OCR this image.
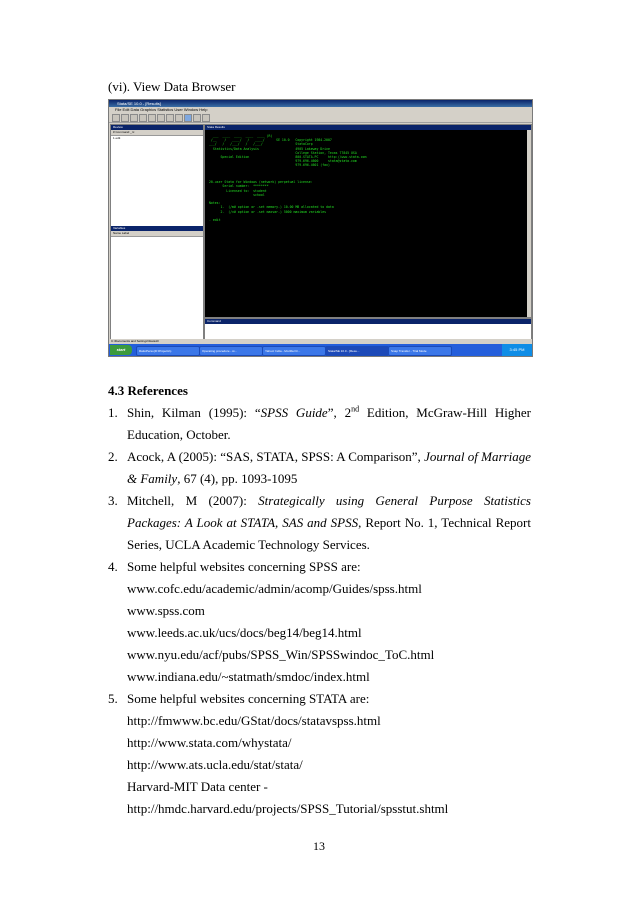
(vi). View Data Browser
Stata/SE 10.0 - [Results]
File Edit Data Graphics Statistics User Window Help
Review
# Command _rc
1 edit
Variables
Name Label
Stata Results
___  ____  ____  ____  ____ (R)
/__    /   ____/   /   ____/      SE 10.0   Copyright 1984-2007
___/   /   /___/   /   /___/                 StataCorp
Statistics/Data Analysis                   4905 Lakeway Drive
College Station, Texas 77845 USA
Special Edition                        800-STATA-PC     http://www.stata.com
979-696-4600     stata@stata.com
979-696-4601 (fax)

20-user Stata for Windows (network) perpetual license:
Serial number:  ********
Licensed to:  student
school

Notes:
1.  (/m# option or -set memory-) 10.00 MB allocated to data
2.  (/v# option or -set maxvar-) 5000 maximum variables

. edit
Command
C:\Documents and Settings\Stata10
start	RatioPerso(D:\Projects\)	Operating procedure - st...	Yahoo! India - Mozilla Fir...	Stata/SE 10.0 - [Resu...	Snap Transfer - Trial Mode	3:45 PM
4.3 References
1. Shin, Kilman (1995): “SPSS Guide”, 2nd Edition, McGraw-Hill Higher Education, October.
2. Acock, A (2005): “SAS, STATA, SPSS: A Comparison”, Journal of Marriage & Family, 67 (4), pp. 1093-1095
3. Mitchell, M (2007): Strategically using General Purpose Statistics Packages: A Look at STATA, SAS and SPSS, Report No. 1, Technical Report Series, UCLA Academic Technology Services.
4. Some helpful websites concerning SPSS are:
www.cofc.edu/academic/admin/acomp/Guides/spss.html
www.spss.com
www.leeds.ac.uk/ucs/docs/beg14/beg14.html
www.nyu.edu/acf/pubs/SPSS_Win/SPSSwindoc_ToC.html
www.indiana.edu/~statmath/smdoc/index.html
5. Some helpful websites concerning STATA are:
http://fmwww.bc.edu/GStat/docs/statavspss.html
http://www.stata.com/whystata/
http://www.ats.ucla.edu/stat/stata/
Harvard-MIT Data center -
http://hmdc.harvard.edu/projects/SPSS_Tutorial/spsstut.shtml
13
